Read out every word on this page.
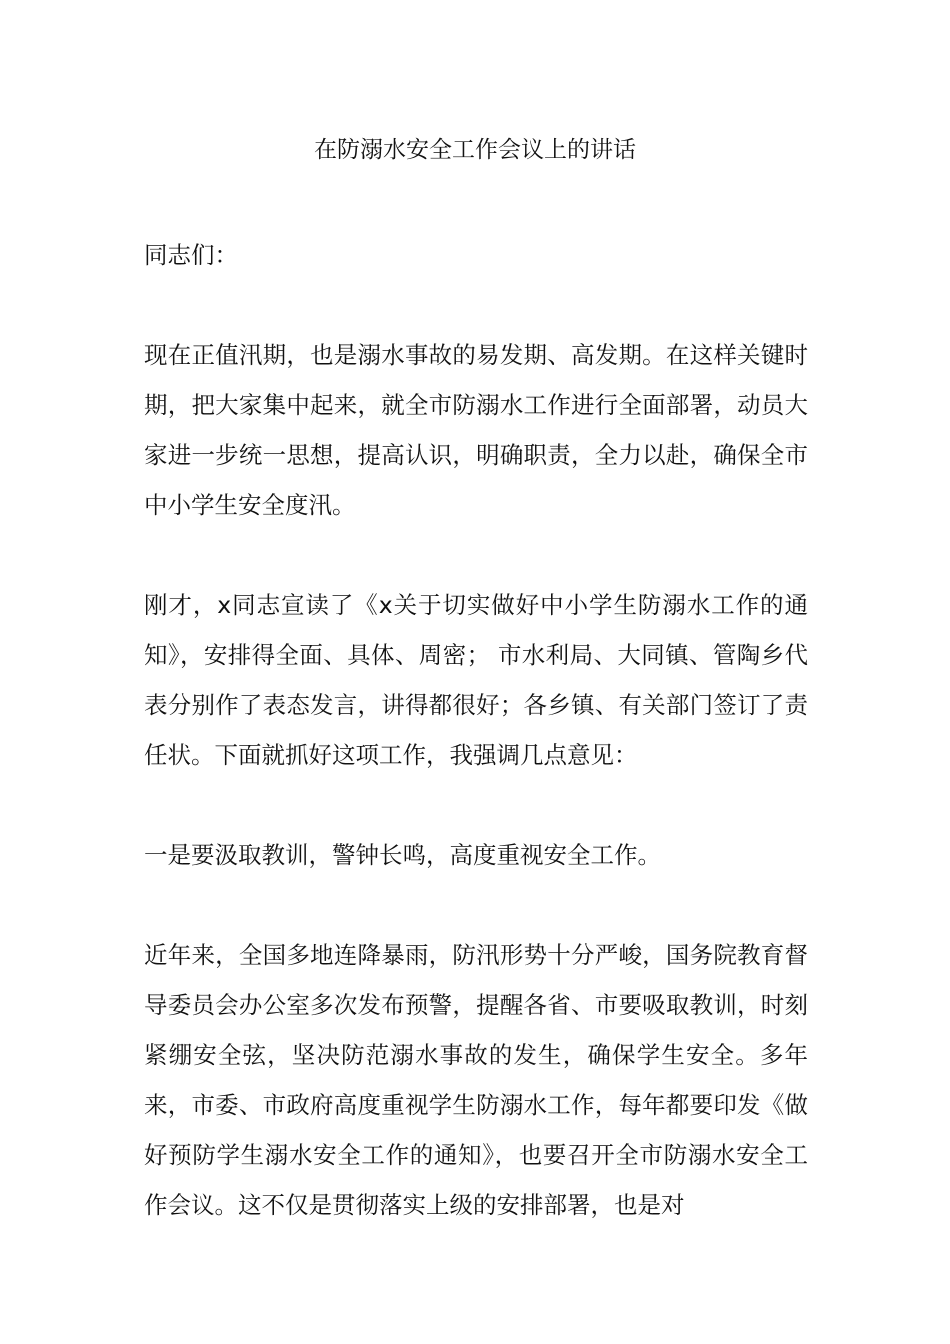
在防溺水安全工作会议上的讲话

同志们：

现在正值汛期，也是溺水事故的易发期、高发期。在这样关键时期，把大家集中起来，就全市防溺水工作进行全面部署，动员大家进一步统一思想，提高认识，明确职责，全力以赴，确保全市中小学生安全度汛。

刚才，x同志宣读了《x关于切实做好中小学生防溺水工作的通知》，安排得全面、具体、周密； 市水利局、大同镇、管陶乡代表分别作了表态发言，讲得都很好；各乡镇、有关部门签订了责任状。下面就抓好这项工作，我强调几点意见：

一是要汲取教训，警钟长鸣，高度重视安全工作。

近年来，全国多地连降暴雨，防汛形势十分严峻，国务院教育督导委员会办公室多次发布预警，提醒各省、市要吸取教训，时刻紧绷安全弦，坚决防范溺水事故的发生，确保学生安全。多年来，市委、市政府高度重视学生防溺水工作，每年都要印发《做好预防学生溺水安全工作的通知》，也要召开全市防溺水安全工作会议。这不仅是贯彻落实上级的安排部署，也是对
